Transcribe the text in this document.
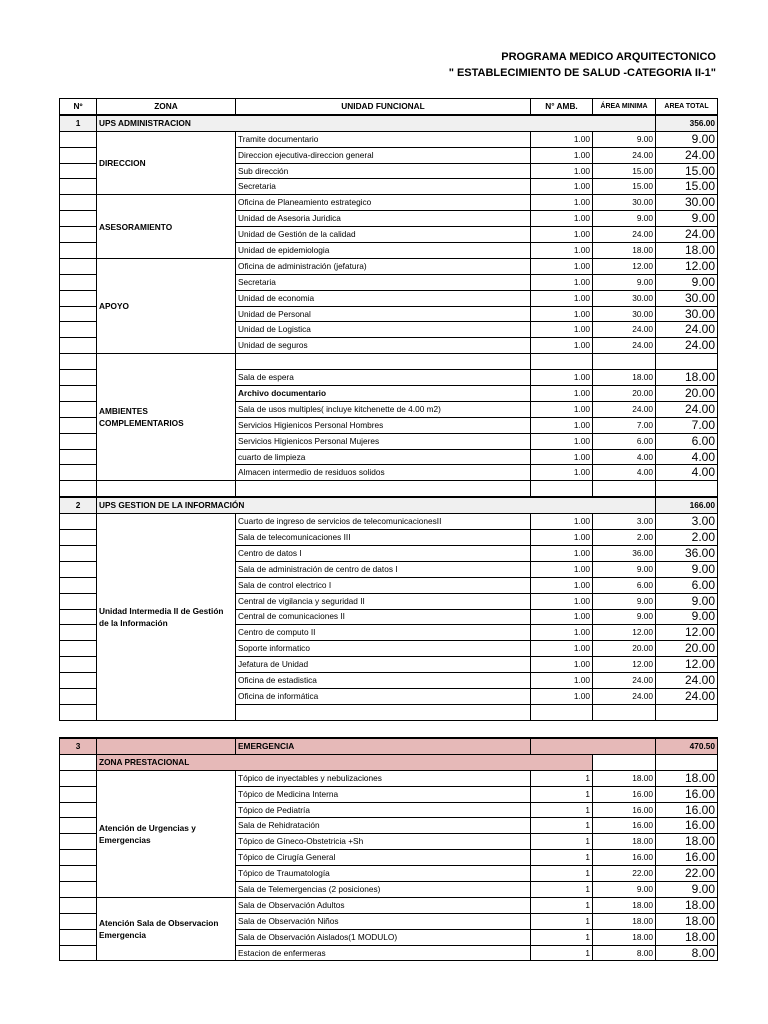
PROGRAMA MEDICO ARQUITECTONICO
" ESTABLECIMIENTO DE SALUD -CATEGORIA II-1"
Nº	ZONA	UNIDAD FUNCIONAL	N° AMB.	ÁREA MINIMA	AREA TOTAL
1	UPS ADMINISTRACION				356.00
	DIRECCION	Tramite documentario	1.00	9.00	9.00
		Direccion ejecutiva-direccion general	1.00	24.00	24.00
		Sub dirección	1.00	15.00	15.00
		Secretaria	1.00	15.00	15.00
	ASESORAMIENTO	Oficina de Planeamiento estrategico	1.00	30.00	30.00
		Unidad de Asesoria Juridica	1.00	9.00	9.00
		Unidad de Gestión de la calidad	1.00	24.00	24.00
		Unidad de epidemiologia	1.00	18.00	18.00
	APOYO	Oficina de administración (jefatura)	1.00	12.00	12.00
		Secretaria	1.00	9.00	9.00
		Unidad de economia	1.00	30.00	30.00
		Unidad de Personal	1.00	30.00	30.00
		Unidad de Logistica	1.00	24.00	24.00
		Unidad de seguros	1.00	24.00	24.00
	AMBIENTES COMPLEMENTARIOS				
		Sala de espera	1.00	18.00	18.00
		Archivo documentario	1.00	20.00	20.00
		Sala de usos multiples( incluye kitchenette de 4.00 m2)	1.00	24.00	24.00
		Servicios Higienicos Personal Hombres	1.00	7.00	7.00
		Servicios Higienicos Personal Mujeres	1.00	6.00	6.00
		cuarto de limpieza	1.00	4.00	4.00
		Almacen intermedio de residuos solidos	1.00	4.00	4.00

2	UPS GESTION DE LA INFORMACIÓN				166.00
	Unidad Intermedia II de Gestión de la Información	Cuarto de ingreso de servicios de telecomunicacionesII	1.00	3.00	3.00
		Sala de telecomunicaciones III	1.00	2.00	2.00
		Centro de datos I	1.00	36.00	36.00
		Sala de administración de centro de datos I	1.00	9.00	9.00
		Sala de control electrico I	1.00	6.00	6.00
		Central de vigilancia y seguridad II	1.00	9.00	9.00
		Central de comunicaciones II	1.00	9.00	9.00
		Centro de computo II	1.00	12.00	12.00
		Soporte informatico	1.00	20.00	20.00
		Jefatura de Unidad	1.00	12.00	12.00
		Oficina de estadistica	1.00	24.00	24.00
		Oficina de informática	1.00	24.00	24.00

3		EMERGENCIA			470.50
	ZONA PRESTACIONAL				
	Atención de Urgencias y Emergencias	Tópico de inyectables y nebulizaciones	1	18.00	18.00
		Tópico de Medicina Interna	1	16.00	16.00
		Tópico de Pediatría	1	16.00	16.00
		Sala de Rehidratación	1	16.00	16.00
		Tópico de Gíneco-Obstetricia +Sh	1	18.00	18.00
		Tópico de Cirugía General	1	16.00	16.00
		Tópico de Traumatología	1	22.00	22.00
		Sala de Telemergencias (2 posiciones)	1	9.00	9.00
	Atención Sala de Observacion Emergencia	Sala de Observación Adultos	1	18.00	18.00
		Sala de Observación Niños	1	18.00	18.00
		Sala de Observación Aislados(1 MODULO)	1	18.00	18.00
		Estacion de enfermeras	1	8.00	8.00
